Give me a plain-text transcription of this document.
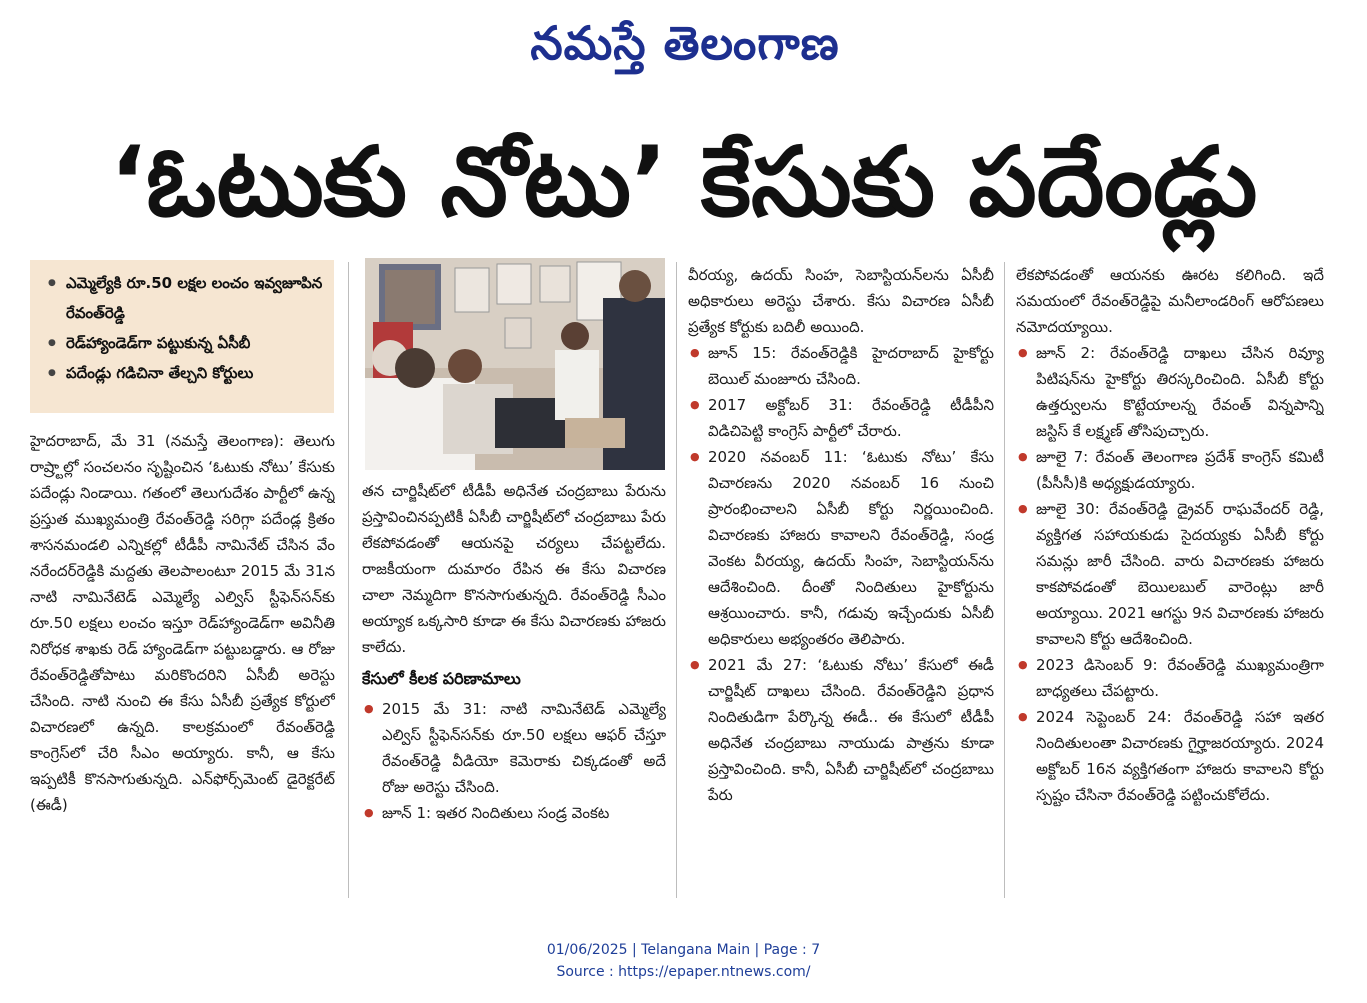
నమస్తే తెలంగాణ
‘ఓటుకు నోటు’ కేసుకు పదేండ్లు
● ఎమ్మెల్యేకి రూ.50 లక్షల లంచం ఇవ్వజూపిన రేవంత్‌రెడ్డి
● రెడ్‌హ్యాండెడ్‌గా పట్టుకున్న ఏసీబీ
● పదేండ్లు గడిచినా తేల్చని కోర్టులు

హైదరాబాద్, మే 31 (నమస్తే తెలంగాణ): తెలుగు రాష్ర్టాల్లో సంచలనం సృష్టించిన ‘ఓటుకు నోటు’ కేసుకు పదేండ్లు నిండాయి. గతంలో తెలుగుదేశం పార్టీలో ఉన్న ప్రస్తుత ముఖ్యమంత్రి రేవంత్‌రెడ్డి సరిగ్గా పదేండ్ల క్రితం శాసనమండలి ఎన్నికల్లో టీడీపీ నామినేట్ చేసిన వేం నరేందర్‌రెడ్డికి మద్దతు తెలపాలంటూ 2015 మే 31న నాటి నామినేటెడ్ ఎమ్మెల్యే ఎల్విస్ స్టీఫెన్‌సన్‌కు రూ.50 లక్షలు లంచం ఇస్తూ రెడ్‌హ్యాండెడ్‌గా అవినీతి నిరోధక శాఖకు రెడ్ హ్యాండెడ్‌గా పట్టుబడ్డారు. ఆ రోజు రేవంత్‌రెడ్డితోపాటు మరికొందరిని ఏసీబీ అరెస్టు చేసింది. నాటి నుంచి ఈ కేసు ఏసీబీ ప్రత్యేక కోర్టులో విచారణలో ఉన్నది. కాలక్రమంలో రేవంత్‌రెడ్డి కాంగ్రెస్‌లో చేరి సీఎం అయ్యారు. కానీ, ఆ కేసు ఇప్పటికీ కొనసాగుతున్నది. ఎన్‌ఫోర్స్‌మెంట్ డైరెక్టరేట్ (ఈడీ)

తన చార్జిషీట్‌లో టీడీపీ అధినేత చంద్రబాబు పేరును ప్రస్తావించినప్పటికీ ఏసీబీ చార్జిషీట్‌లో చంద్రబాబు పేరు లేకపోవడంతో ఆయనపై చర్యలు చేపట్టలేదు. రాజకీయంగా దుమారం రేపిన ఈ కేసు విచారణ చాలా నెమ్మదిగా కొనసాగుతున్నది. రేవంత్‌రెడ్డి సీఎం అయ్యాక ఒక్కసారి కూడా ఈ కేసు విచారణకు హాజరు కాలేదు.

కేసులో కీలక పరిణామాలు

● 2015 మే 31: నాటి నామినేటెడ్ ఎమ్మెల్యే ఎల్విస్ స్టీఫెన్‌సన్‌కు రూ.50 లక్షలు ఆఫర్ చేస్తూ రేవంత్‌రెడ్డి వీడియో కెమెరాకు చిక్కడంతో అదే రోజు అరెస్టు చేసింది.

● జూన్ 1: ఇతర నిందితులు సండ్ర వెంకట

వీరయ్య, ఉదయ్ సింహ, సెబాస్టియన్‌లను ఏసీబీ అధికారులు అరెస్టు చేశారు. కేసు విచారణ ఏసీబీ ప్రత్యేక కోర్టుకు బదిలీ అయింది.

● జూన్ 15: రేవంత్‌రెడ్డికి హైదరాబాద్ హైకోర్టు బెయిల్ మంజూరు చేసింది.

● 2017 అక్టోబర్ 31: రేవంత్‌రెడ్డి టీడీపీని విడిచిపెట్టి కాంగ్రెస్ పార్టీలో చేరారు.

● 2020 నవంబర్ 11: ‘ఓటుకు నోటు’ కేసు విచారణను 2020 నవంబర్ 16 నుంచి ప్రారంభించాలని ఏసీబీ కోర్టు నిర్ణయించింది. విచారణకు హాజరు కావాలని రేవంత్‌రెడ్డి, సండ్ర వెంకట వీరయ్య, ఉదయ్ సింహ, సెబాస్టియన్‌ను ఆదేశించింది. దీంతో నిందితులు హైకోర్టును ఆశ్రయించారు. కానీ, గడువు ఇచ్చేందుకు ఏసీబీ అధికారులు అభ్యంతరం తెలిపారు.

● 2021 మే 27: ‘ఓటుకు నోటు’ కేసులో ఈడీ చార్జిషీట్ దాఖలు చేసింది. రేవంత్‌రెడ్డిని ప్రధాన నిందితుడిగా పేర్కొన్న ఈడీ.. ఈ కేసులో టీడీపీ అధినేత చంద్రబాబు నాయుడు పాత్రను కూడా ప్రస్తావించింది. కానీ, ఏసీబీ చార్జిషీట్‌లో చంద్రబాబు పేరు

లేకపోవడంతో ఆయనకు ఊరట కలిగింది. ఇదే సమయంలో రేవంత్‌రెడ్డిపై మనీలాండరింగ్ ఆరోపణలు నమోదయ్యాయి.

● జూన్ 2: రేవంత్‌రెడ్డి దాఖలు చేసిన రివ్యూ పిటిషన్‌ను హైకోర్టు తిరస్కరించింది. ఏసీబీ కోర్టు ఉత్తర్వులను కొట్టేయాలన్న రేవంత్ విన్నపాన్ని జస్టిస్ కే లక్ష్మణ్ తోసిపుచ్చారు.

● జూలై 7: రేవంత్ తెలంగాణ ప్రదేశ్ కాంగ్రెస్ కమిటీ (పీసీసీ)కి అధ్యక్షుడయ్యారు.

● జూలై 30: రేవంత్‌రెడ్డి డ్రైవర్ రాఘవేందర్ రెడ్డి, వ్యక్తిగత సహాయకుడు సైదయ్యకు ఏసీబీ కోర్టు సమన్లు జారీ చేసింది. వారు విచారణకు హాజరు కాకపోవడంతో బెయిలబుల్ వారెంట్లు జారీ అయ్యాయి. 2021 ఆగస్టు 9న విచారణకు హాజరు కావాలని కోర్టు ఆదేశించింది.

● 2023 డిసెంబర్ 9: రేవంత్‌రెడ్డి ముఖ్యమంత్రిగా బాధ్యతలు చేపట్టారు.

● 2024 సెప్టెంబర్ 24: రేవంత్‌రెడ్డి సహా ఇతర నిందితులంతా విచారణకు గైర్హాజరయ్యారు. 2024 అక్టోబర్ 16న వ్యక్తిగతంగా హాజరు కావాలని కోర్టు స్పష్టం చేసినా రేవంత్‌రెడ్డి పట్టించుకోలేదు.

01/06/2025 | Telangana Main | Page : 7
Source : https://epaper.ntnews.com/
